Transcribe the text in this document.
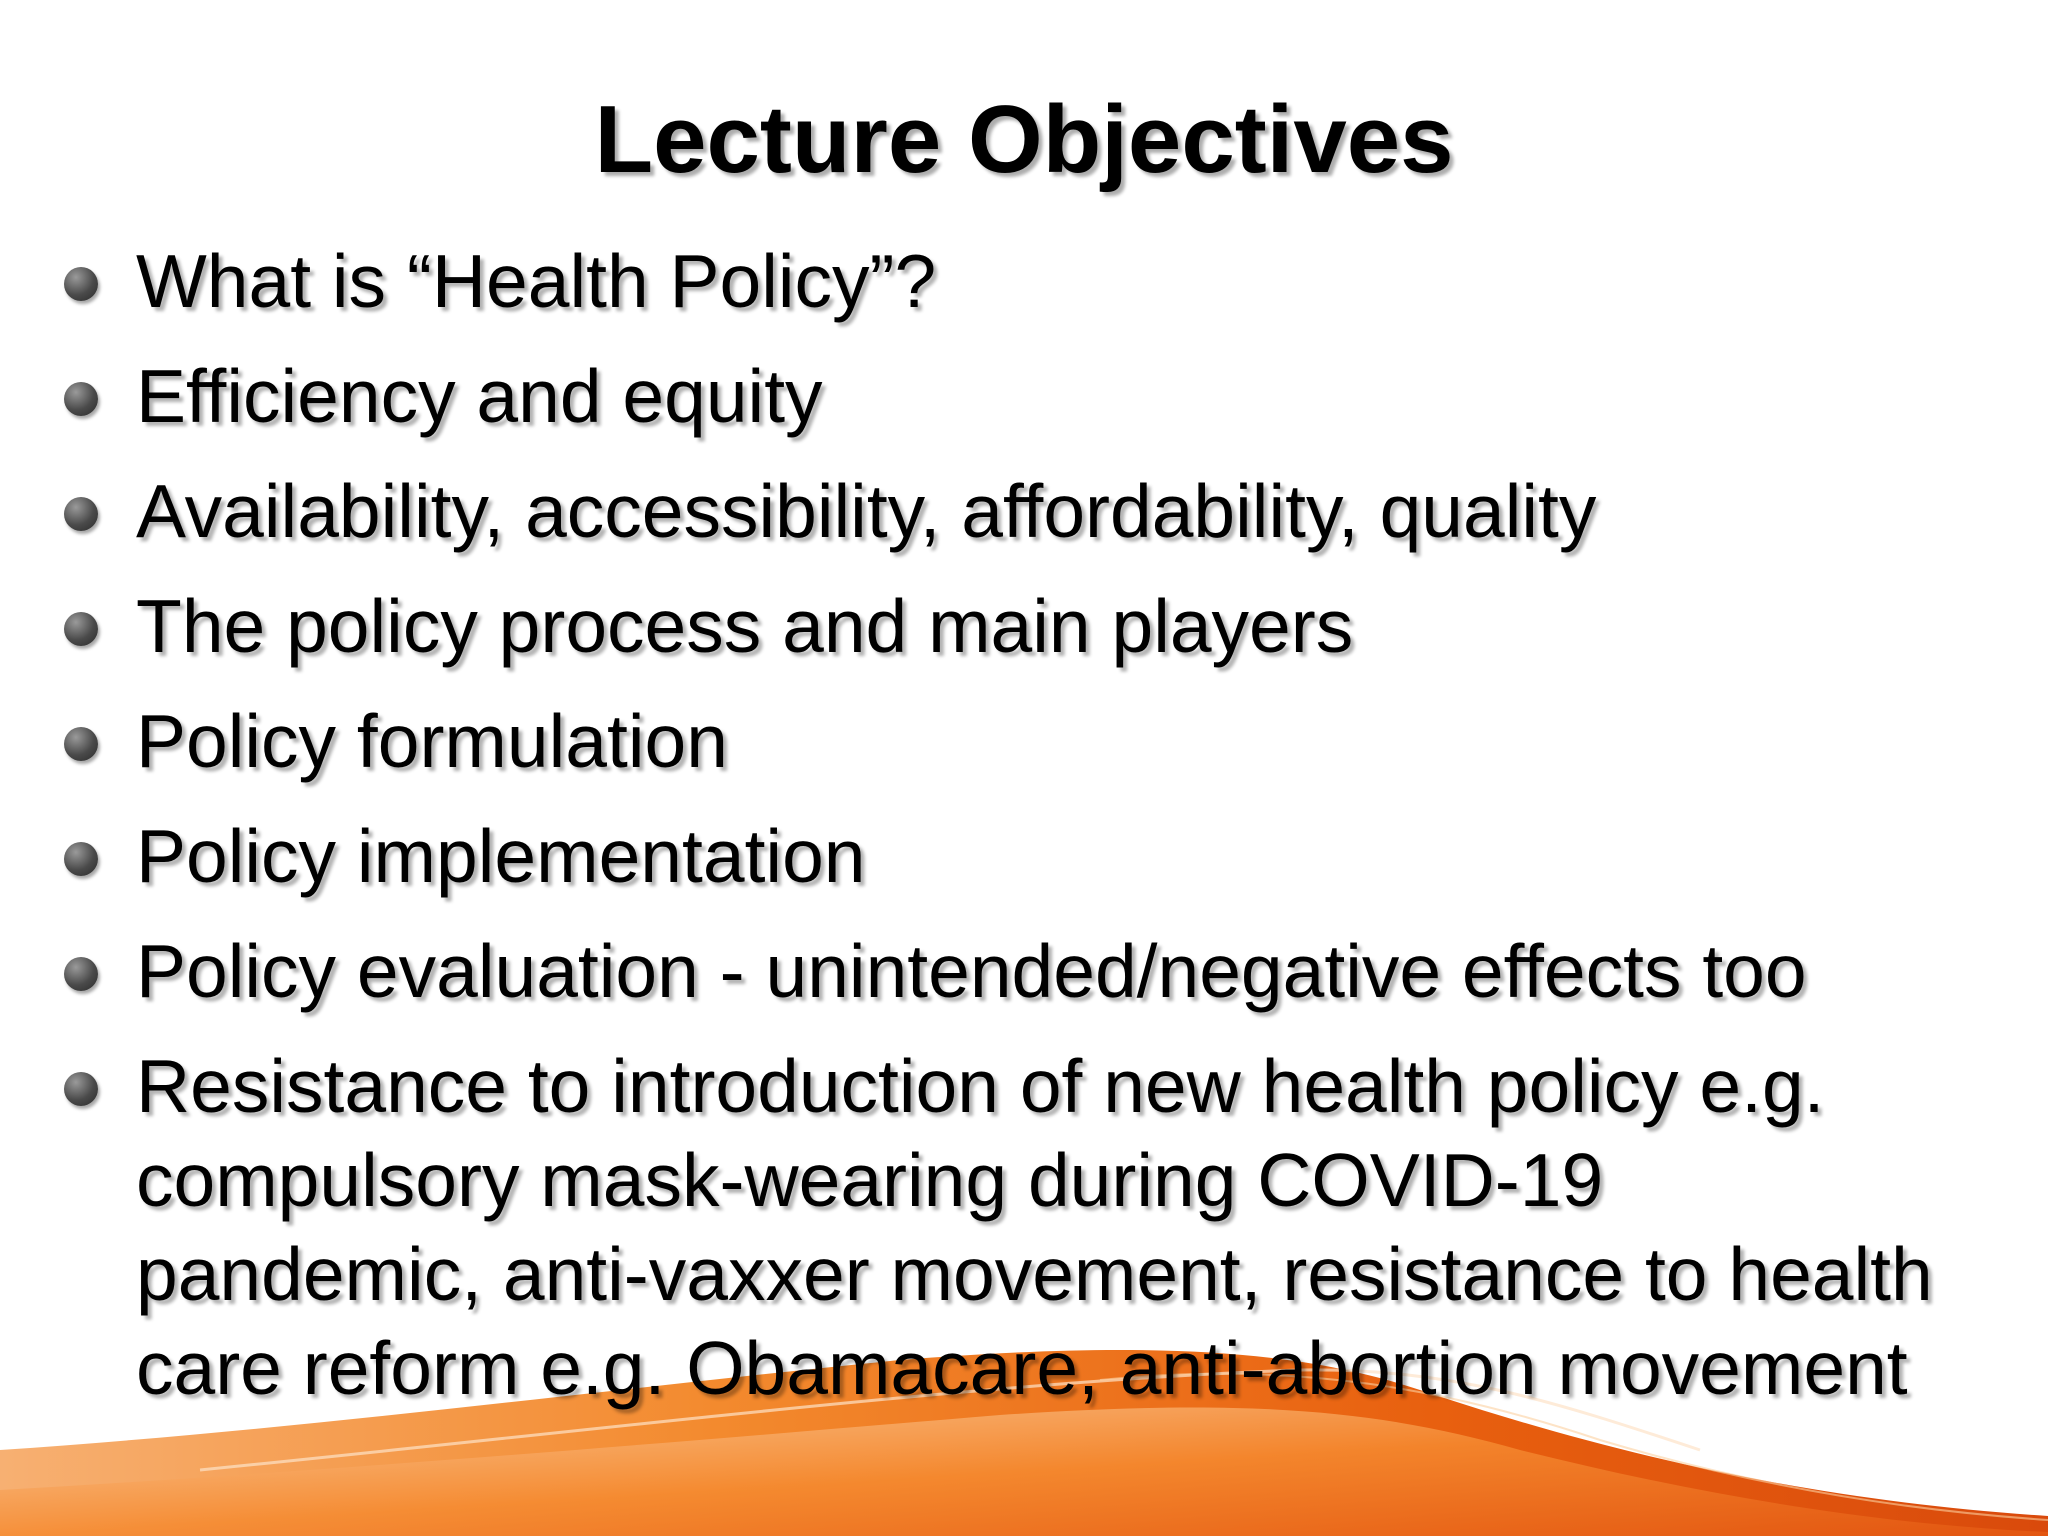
Lecture Objectives
What is “Health Policy”?
Efficiency and equity
Availability, accessibility, affordability, quality
The policy process and main players
Policy formulation
Policy implementation
Policy evaluation - unintended/negative effects too
Resistance to introduction of new health policy e.g.
compulsory mask-wearing during COVID-19
pandemic, anti-vaxxer movement, resistance to health
care reform e.g. Obamacare, anti-abortion movement
